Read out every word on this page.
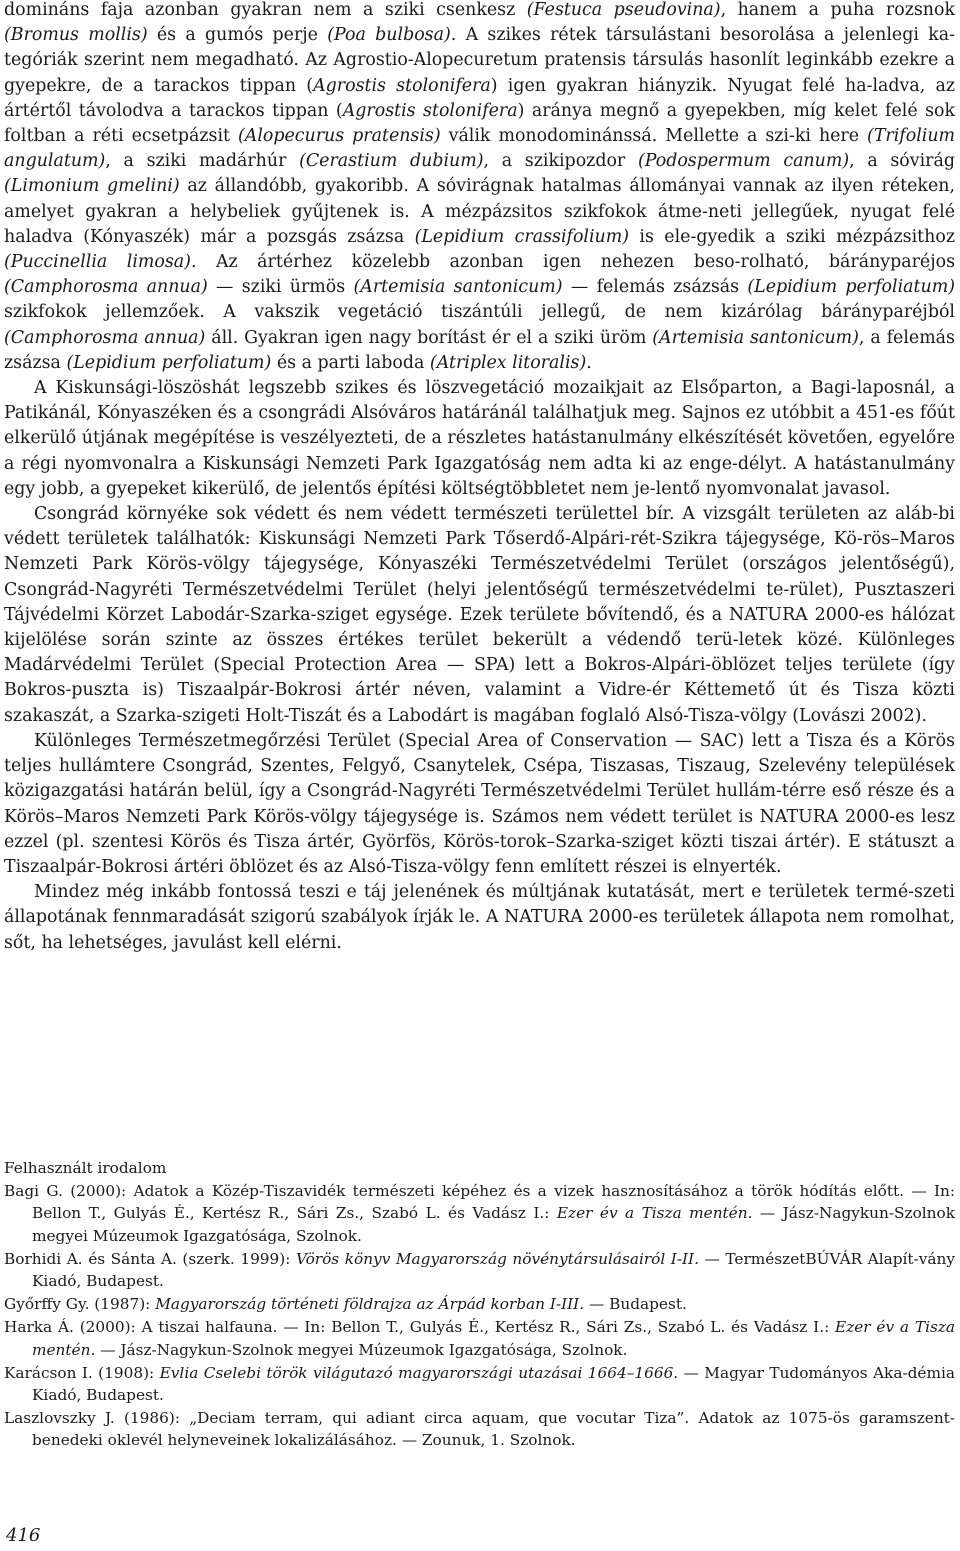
domináns faja azonban gyakran nem a sziki csenkesz (Festuca pseudovina), hanem a puha rozsnok (Bromus mollis) és a gumós perje (Poa bulbosa). A szikes rétek társulástani besorolása a jelenlegi ka-tegóriák szerint nem megadható. Az Agrostio-Alopecuretum pratensis társulás hasonlít leginkább ezekre a gyepekre, de a tarackos tippan (Agrostis stolonifera) igen gyakran hiányzik. Nyugat felé ha-ladva, az ártértől távolodva a tarackos tippan (Agrostis stolonifera) aránya megnő a gyepekben, míg kelet felé sok foltban a réti ecsetpázsit (Alopecurus pratensis) válik monodominánssá. Mellette a szi-ki here (Trifolium angulatum), a sziki madárhúr (Cerastium dubium), a szikipozdor (Podospermum canum), a sóvirág (Limonium gmelini) az állandóbb, gyakoribb. A sóvirágnak hatalmas állományai vannak az ilyen réteken, amelyet gyakran a helybeliek gyűjtenek is. A mézpázsitos szikfokok átme-neti jellegűek, nyugat felé haladva (Kónyaszék) már a pozsgás zsázsa (Lepidium crassifolium) is ele-gyedik a sziki mézpázsithoz (Puccinellia limosa). Az ártérhez közelebb azonban igen nehezen beso-rolható, bárányparéjos (Camphorosma annua) — sziki ürmös (Artemisia santonicum) — felemás zsázsás (Lepidium perfoliatum) szikfokok jellemzőek. A vakszik vegetáció tiszántúli jellegű, de nem kizárólag bárányparéjból (Camphorosma annua) áll. Gyakran igen nagy borítást ér el a sziki üröm (Artemisia santonicum), a felemás zsázsa (Lepidium perfoliatum) és a parti laboda (Atriplex litoralis).

A Kiskunsági-löszöshát legszebb szikes és löszvegetáció mozaikjait az Elsőparton, a Bagi-laposnál, a Patikánál, Kónyaszéken és a csongrádi Alsóváros határánál találhatjuk meg. Sajnos ez utóbbit a 451-es főút elkerülő útjának megépítése is veszélyezteti, de a részletes hatástanulmány elkészítését követően, egyelőre a régi nyomvonalra a Kiskunsági Nemzeti Park Igazgatóság nem adta ki az enge-délyt. A hatástanulmány egy jobb, a gyepeket kikerülő, de jelentős építési költségtöbbletet nem je-lentő nyomvonalat javasol.

Csongrád környéke sok védett és nem védett természeti területtel bír. A vizsgált területen az aláb-bi védett területek találhatók: Kiskunsági Nemzeti Park Tőserdő-Alpári-rét-Szikra tájegysége, Kö-rös–Maros Nemzeti Park Körös-völgy tájegysége, Kónyaszéki Természetvédelmi Terület (országos jelentőségű), Csongrád-Nagyréti Természetvédelmi Terület (helyi jelentőségű természetvédelmi te-rület), Pusztaszeri Tájvédelmi Körzet Labodár-Szarka-sziget egysége. Ezek területe bővítendő, és a NATURA 2000-es hálózat kijelölése során szinte az összes értékes terület bekerült a védendő terü-letek közé. Különleges Madárvédelmi Terület (Special Protection Area — SPA) lett a Bokros-Alpári-öblözet teljes területe (így Bokros-puszta is) Tiszaalpár-Bokrosi ártér néven, valamint a Vidre-ér Kéttemető út és Tisza közti szakaszát, a Szarka-szigeti Holt-Tiszát és a Labodárt is magában foglaló Alsó-Tisza-völgy (Lovászi 2002).

Különleges Természetmegőrzési Terület (Special Area of Conservation — SAC) lett a Tisza és a Körös teljes hullámtere Csongrád, Szentes, Felgyő, Csanytelek, Csépa, Tiszasas, Tiszaug, Szelevény települések közigazgatási határán belül, így a Csongrád-Nagyréti Természetvédelmi Terület hullám-térre eső része és a Körös–Maros Nemzeti Park Körös-völgy tájegysége is. Számos nem védett terület is NATURA 2000-es lesz ezzel (pl. szentesi Körös és Tisza ártér, Györfös, Körös-torok–Szarka-sziget közti tiszai ártér). E státuszt a Tiszaalpár-Bokrosi ártéri öblözet és az Alsó-Tisza-völgy fenn említett részei is elnyerték.

Mindez még inkább fontossá teszi e táj jelenének és múltjának kutatását, mert e területek termé-szeti állapotának fennmaradását szigorú szabályok írják le. A NATURA 2000-es területek állapota nem romolhat, sőt, ha lehetséges, javulást kell elérni.

Felhasznált irodalom

Bagi G. (2000): Adatok a Közép-Tiszavidék természeti képéhez és a vizek hasznosításához a török hódítás előtt. — In: Bellon T., Gulyás É., Kertész R., Sári Zs., Szabó L. és Vadász I.: Ezer év a Tisza mentén. — Jász-Nagykun-Szolnok megyei Múzeumok Igazgatósága, Szolnok.

Borhidi A. és Sánta A. (szerk. 1999): Vörös könyv Magyarország növénytársulásairól I-II. — TermészetBÚVÁR Alapít-vány Kiadó, Budapest.

Győrffy Gy. (1987): Magyarország történeti földrajza az Árpád korban I-III. — Budapest.

Harka Á. (2000): A tiszai halfauna. — In: Bellon T., Gulyás É., Kertész R., Sári Zs., Szabó L. és Vadász I.: Ezer év a Tisza mentén. — Jász-Nagykun-Szolnok megyei Múzeumok Igazgatósága, Szolnok.

Karácson I. (1908): Evlia Cselebi török világutazó magyarországi utazásai 1664–1666. — Magyar Tudományos Aka-démia Kiadó, Budapest.

Laszlovszky J. (1986): „Deciam terram, qui adiant circa aquam, que vocutar Tiza”. Adatok az 1075-ös garamszent-benedeki oklevél helyneveinek lokalizálásához. — Zounuk, 1. Szolnok.

416
